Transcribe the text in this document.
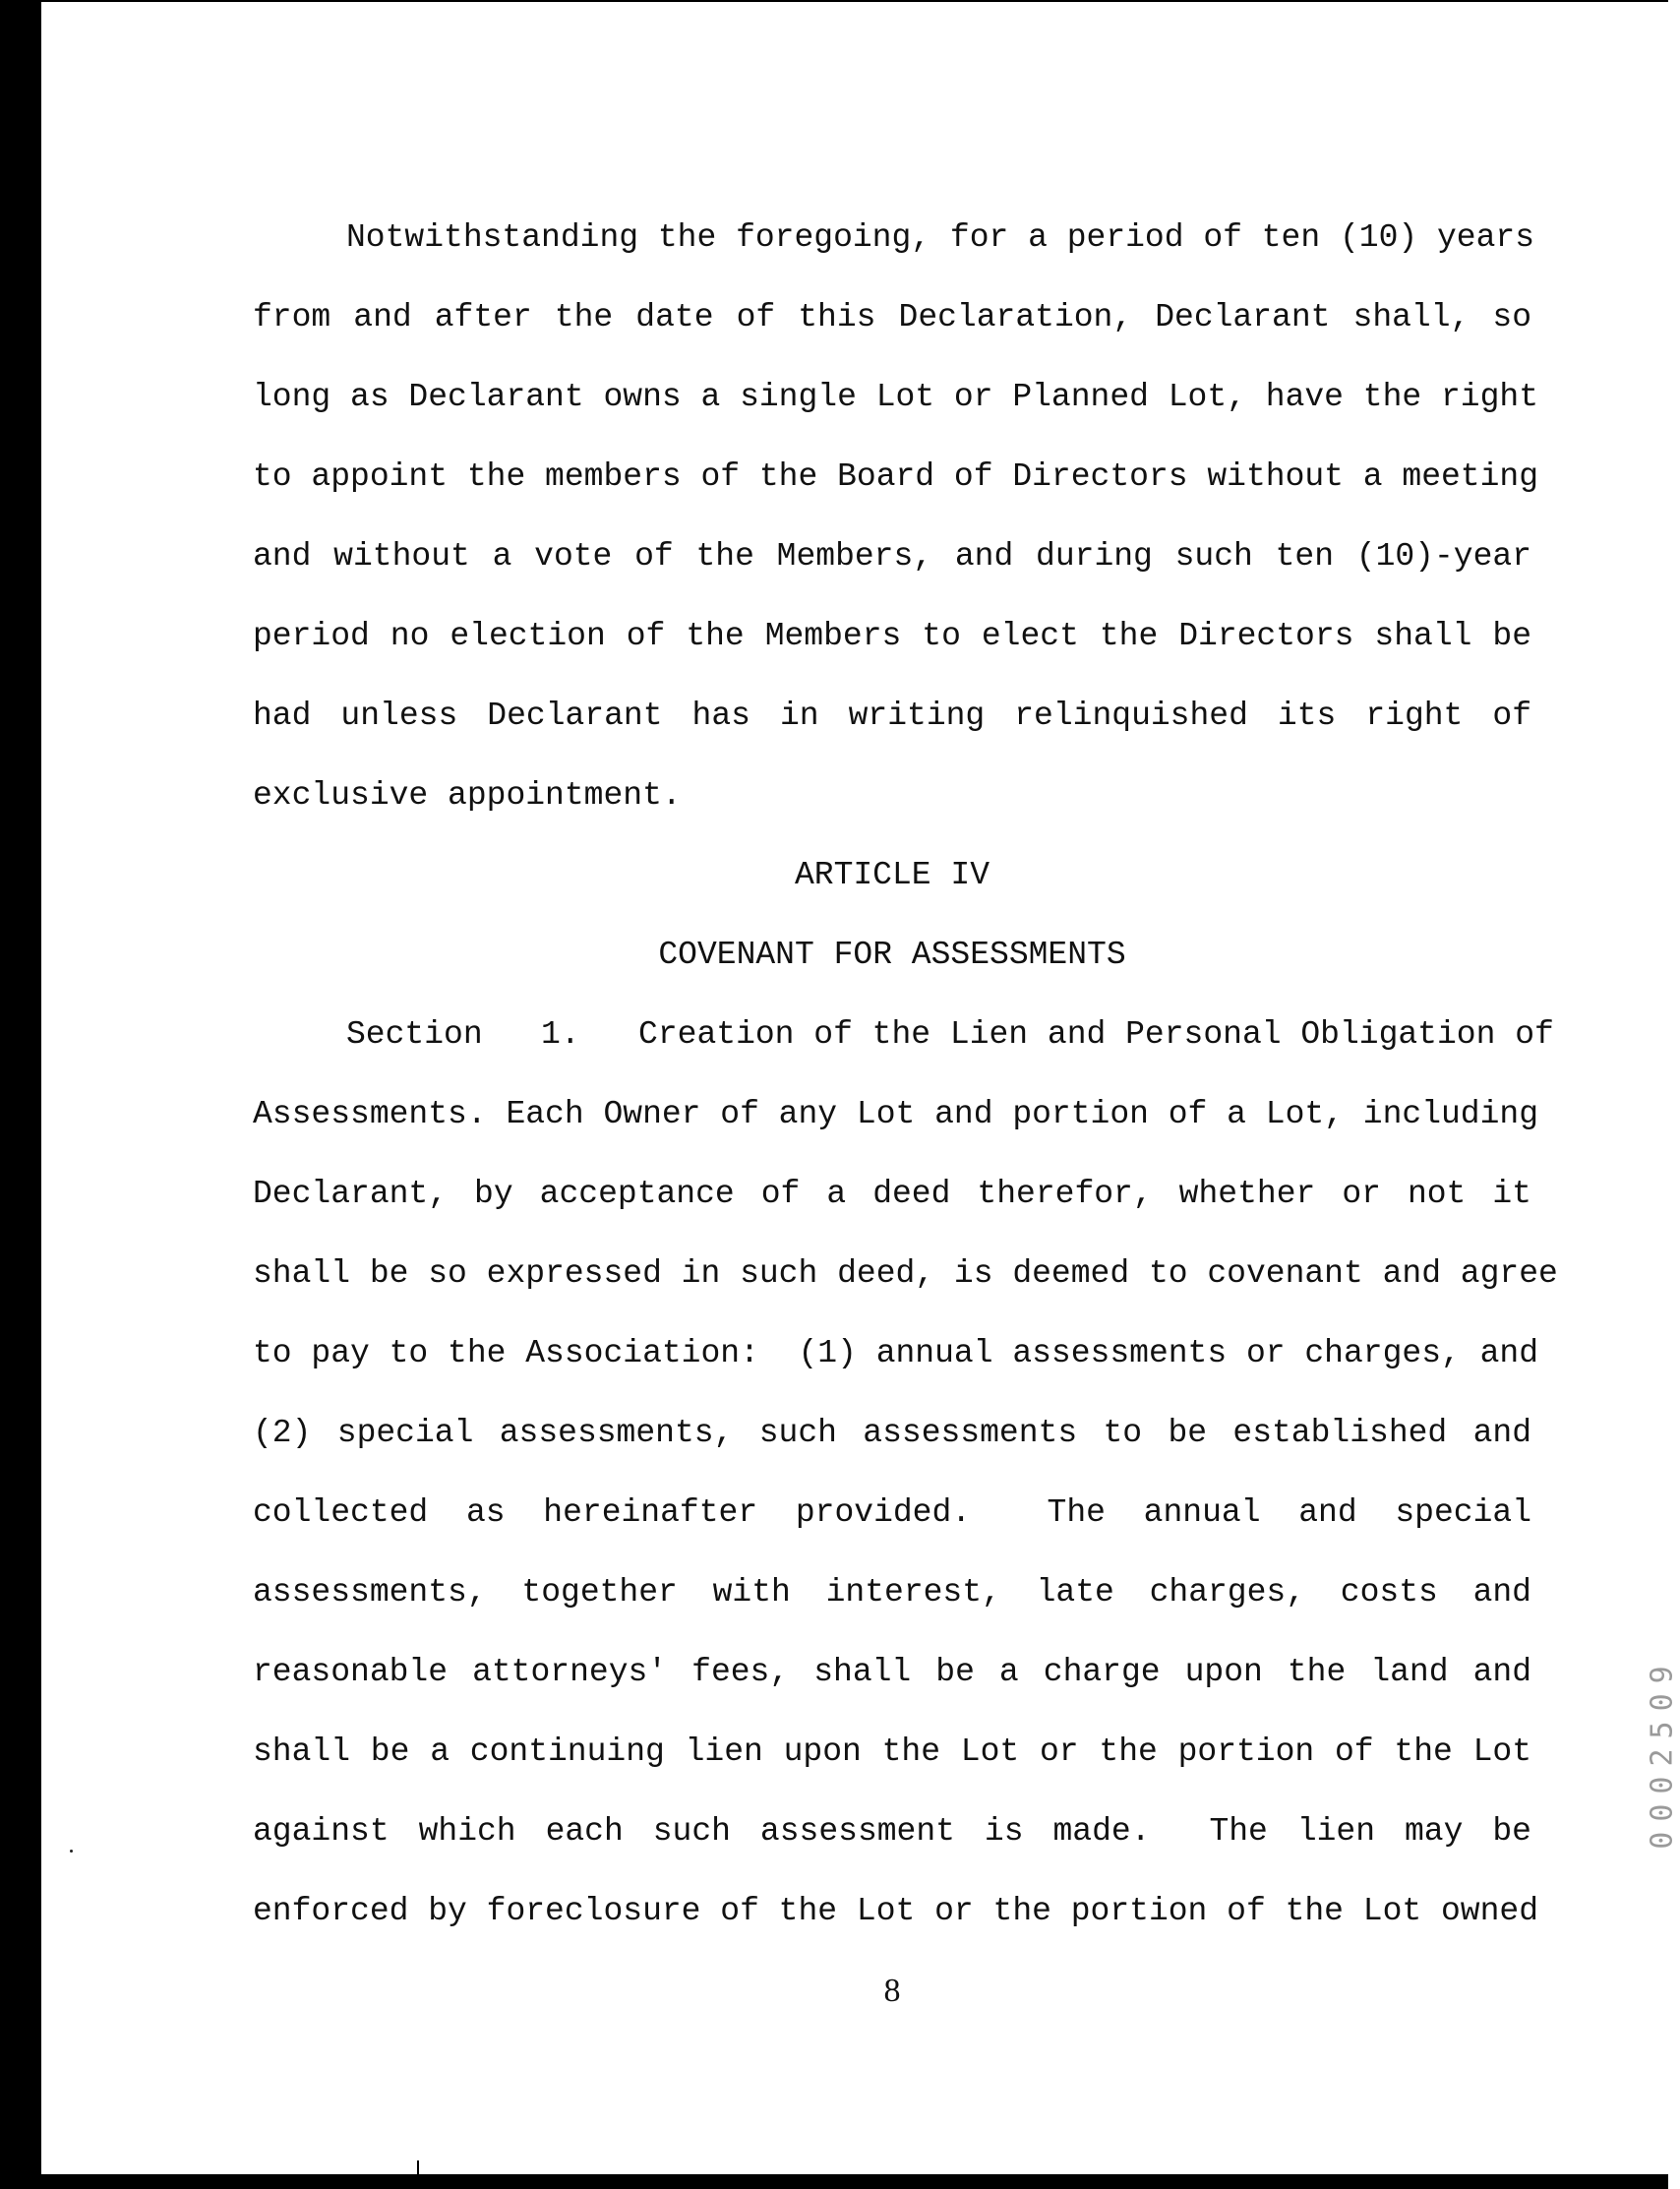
Notwithstanding the foregoing, for a period of ten (10) years
from and after the date of this Declaration, Declarant shall, so
long as Declarant owns a single Lot or Planned Lot, have the right
to appoint the members of the Board of Directors without a meeting
and without a vote of the Members, and during such ten (10)-year
period no election of the Members to elect the Directors shall be
had unless Declarant has in writing relinquished its right of
exclusive appointment.
ARTICLE IV
COVENANT FOR ASSESSMENTS
Section   1.   Creation of the Lien and Personal Obligation of
Assessments. Each Owner of any Lot and portion of a Lot, including
Declarant, by acceptance of a deed therefor, whether or not it
shall be so expressed in such deed, is deemed to covenant and agree
to pay to the Association:  (1) annual assessments or charges, and
(2) special assessments, such assessments to be established and
collected as hereinafter provided.  The annual and special
assessments, together with interest, late charges, costs and
reasonable attorneys' fees, shall be a charge upon the land and
shall be a continuing lien upon the Lot or the portion of the Lot
against which each such assessment is made.  The lien may be
enforced by foreclosure of the Lot or the portion of the Lot owned
8
0002509
